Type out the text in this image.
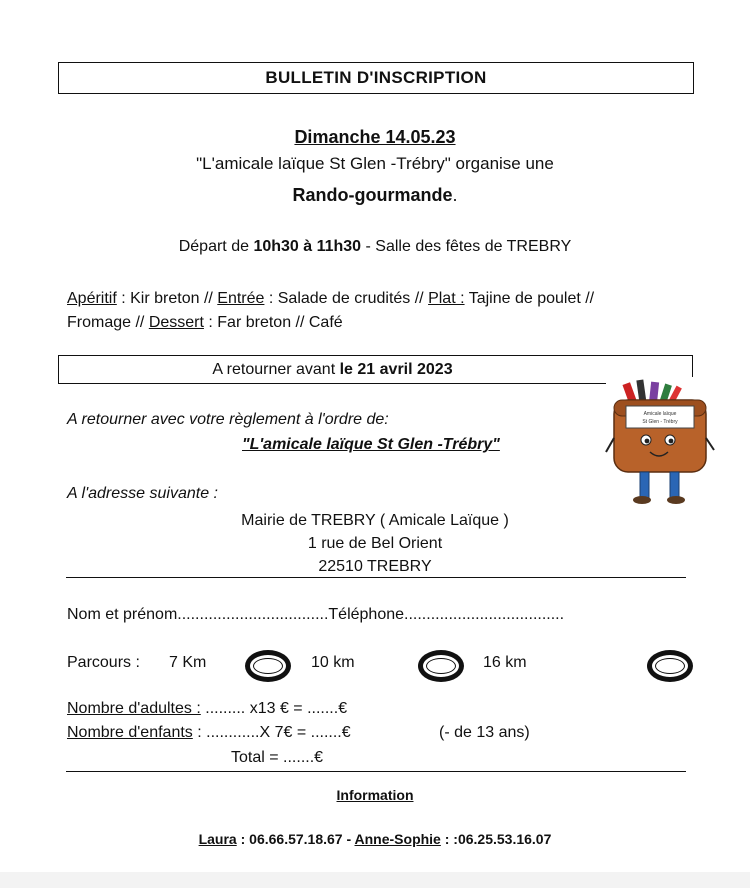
BULLETIN D'INSCRIPTION
Dimanche 14.05.23
"L'amicale laïque St Glen -Trébry" organise une
Rando-gourmande.
Départ de 10h30 à 11h30 - Salle des fêtes de TREBRY
Apéritif : Kir breton // Entrée : Salade de crudités // Plat : Tajine de poulet //
Fromage // Dessert : Far breton // Café
A retourner avant
le 21 avril 2023
A retourner avec votre règlement à l'ordre de:
"L'amicale laïque St Glen -Trébry"
Amicale laïque
St Glen - Trébry
A l'adresse suivante :
Mairie de TREBRY ( Amicale Laïque )
1 rue de Bel Orient
22510 TREBRY
Nom et prénom..................................Téléphone....................................
Parcours : 7 Km	10 km	16 km
Nombre d'adultes : ......... x13 € = .......€
Nombre d'enfants : ............X 7€ = .......€	(- de 13 ans)
Total = .......€
Information
Laura : 06.66.57.18.67 - Anne-Sophie : :06.25.53.16.07
